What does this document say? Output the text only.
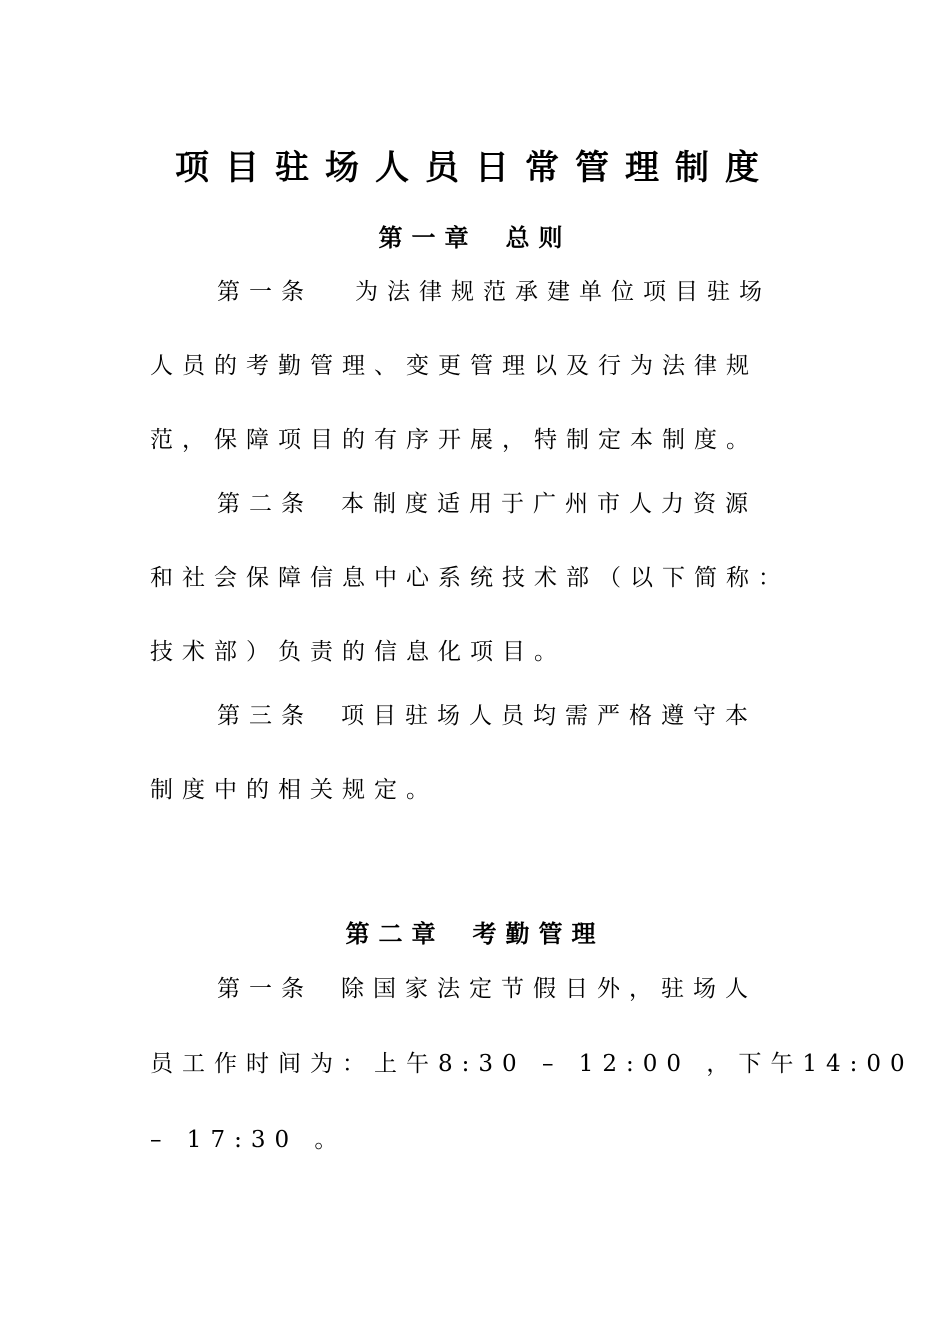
项目驻场人员日常管理制度
第一章 总则
第一条 为法律规范承建单位项目驻场
人员的考勤管理、变更管理以及行为法律规
范，保障项目的有序开展，特制定本制度。
第二条 本制度适用于广州市人力资源
和社会保障信息中心系统技术部（以下简称：
技术部）负责的信息化项目。
第三条 项目驻场人员均需严格遵守本
制度中的相关规定。
第二章 考勤管理
第一条 除国家法定节假日外，驻场人
员工作时间为：上午8:30 – 12:00 ，下午14:00
– 17:30 。
